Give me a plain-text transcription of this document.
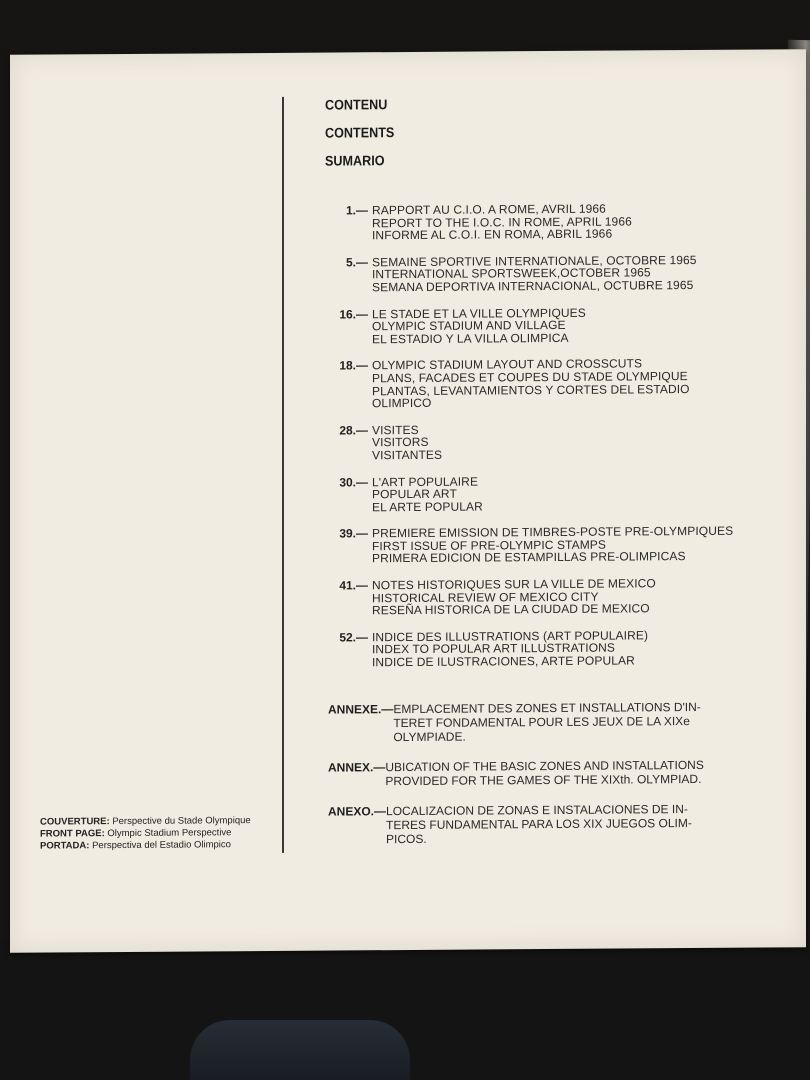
CONTENU
CONTENTS
SUMARIO
1.— RAPPORT AU C.I.O. A ROME, AVRIL 1966
REPORT TO THE I.O.C. IN ROME, APRIL 1966
INFORME AL C.O.I. EN ROMA, ABRIL 1966
5.— SEMAINE SPORTIVE INTERNATIONALE, OCTOBRE 1965
INTERNATIONAL SPORTSWEEK,OCTOBER 1965
SEMANA DEPORTIVA INTERNACIONAL, OCTUBRE 1965
16.— LE STADE ET LA VILLE OLYMPIQUES
OLYMPIC STADIUM AND VILLAGE
EL ESTADIO Y LA VILLA OLIMPICA
18.— OLYMPIC STADIUM LAYOUT AND CROSSCUTS
PLANS, FACADES ET COUPES DU STADE OLYMPIQUE
PLANTAS, LEVANTAMIENTOS Y CORTES DEL ESTADIO
OLIMPICO
28.— VISITES
VISITORS
VISITANTES
30.— L'ART POPULAIRE
POPULAR ART
EL ARTE POPULAR
39.— PREMIERE EMISSION DE TIMBRES-POSTE PRE-OLYMPIQUES
FIRST ISSUE OF PRE-OLYMPIC STAMPS
PRIMERA EDICION DE ESTAMPILLAS PRE-OLIMPICAS
41.— NOTES HISTORIQUES SUR LA VILLE DE MEXICO
HISTORICAL REVIEW OF MEXICO CITY
RESEÑA HISTORICA DE LA CIUDAD DE MEXICO
52.— INDICE DES ILLUSTRATIONS (ART POPULAIRE)
INDEX TO POPULAR ART ILLUSTRATIONS
INDICE DE ILUSTRACIONES, ARTE POPULAR
ANNEXE.— EMPLACEMENT DES ZONES ET INSTALLATIONS D'IN-
TERET FONDAMENTAL POUR LES JEUX DE LA XIXe
OLYMPIADE.
ANNEX.— UBICATION OF THE BASIC ZONES AND INSTALLATIONS
PROVIDED FOR THE GAMES OF THE XIXth. OLYMPIAD.
ANEXO.— LOCALIZACION DE ZONAS E INSTALACIONES DE IN-
TERES FUNDAMENTAL PARA LOS XIX JUEGOS OLIM-
PICOS.
COUVERTURE: Perspective du Stade Olympique
FRONT PAGE: Olympic Stadium Perspective
PORTADA: Perspectiva del Estadio Olimpico
